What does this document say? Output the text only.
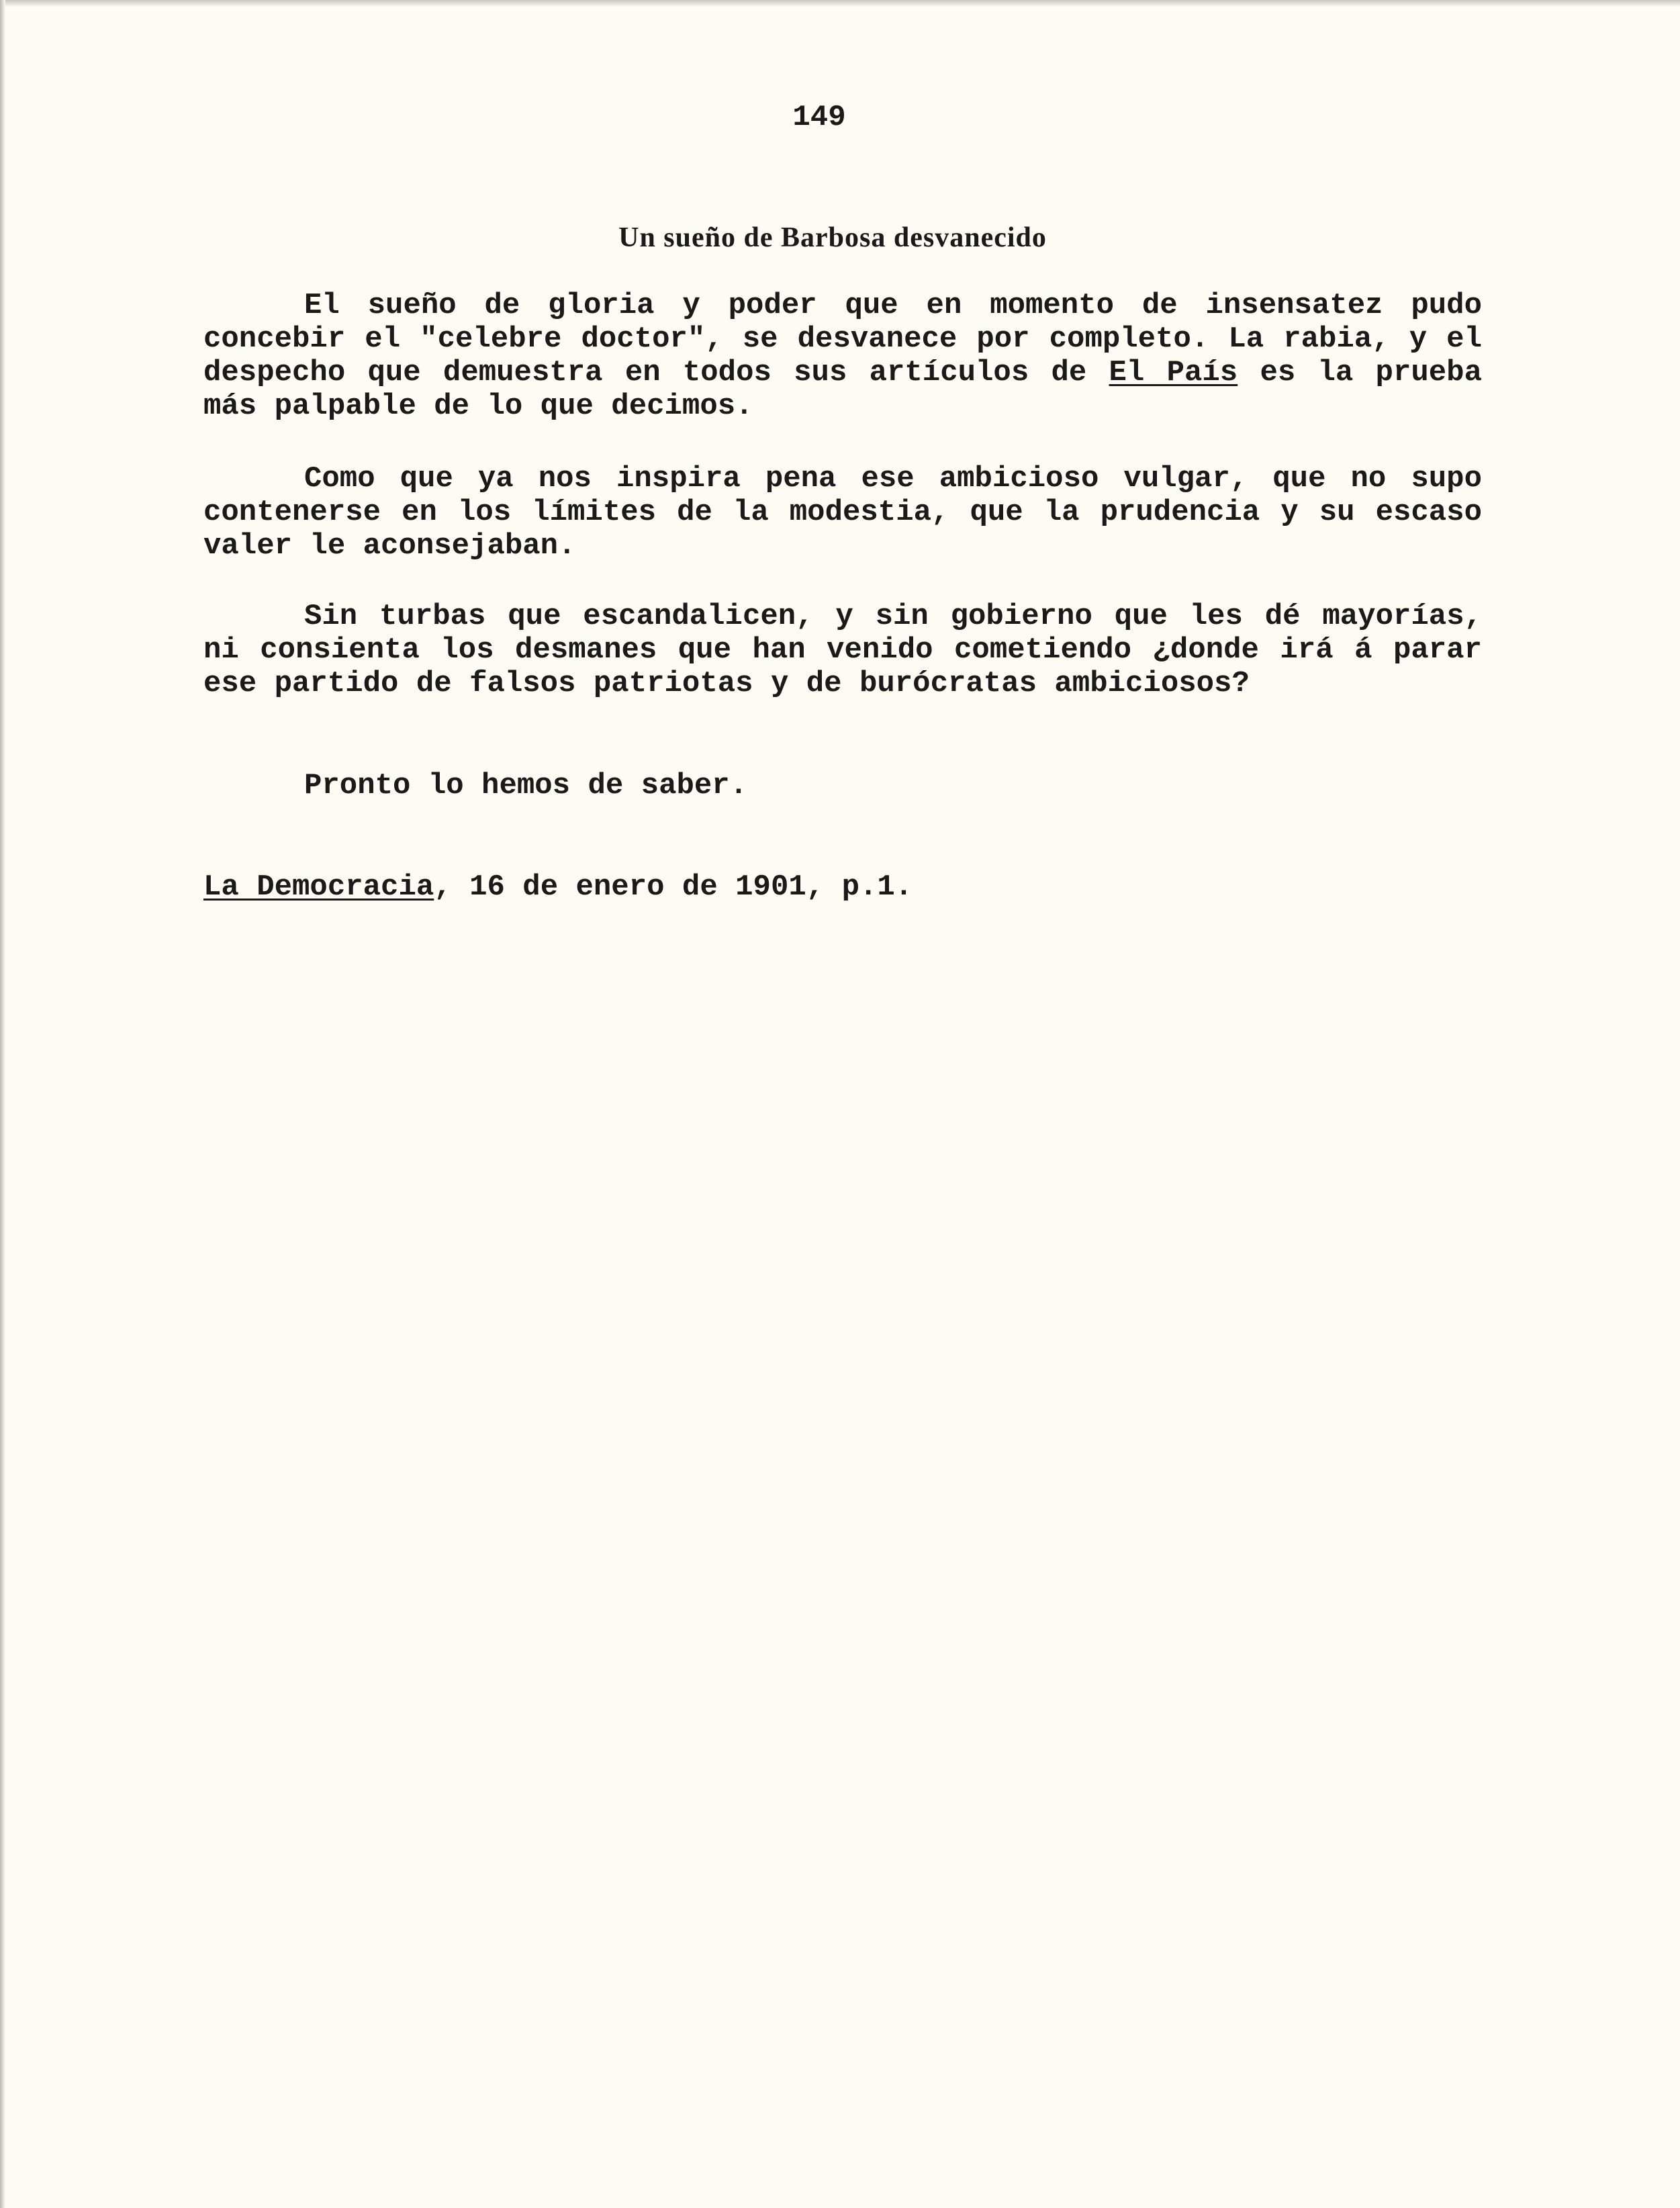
149
Un sueño de Barbosa desvanecido

El sueño de gloria y poder que en momento de insensatez pudo concebir el "celebre doctor", se desvanece por completo. La rabia, y el despecho que demuestra en todos sus artículos de El País es la prueba más palpable de lo que decimos.

Como que ya nos inspira pena ese ambicioso vulgar, que no supo contenerse en los límites de la modestia, que la prudencia y su escaso valer le aconsejaban.

Sin turbas que escandalicen, y sin gobierno que les dé mayorías, ni consienta los desmanes que han venido cometiendo ¿donde irá á parar ese partido de falsos patriotas y de burócratas ambiciosos?

Pronto lo hemos de saber.

La Democracia, 16 de enero de 1901, p.1.
